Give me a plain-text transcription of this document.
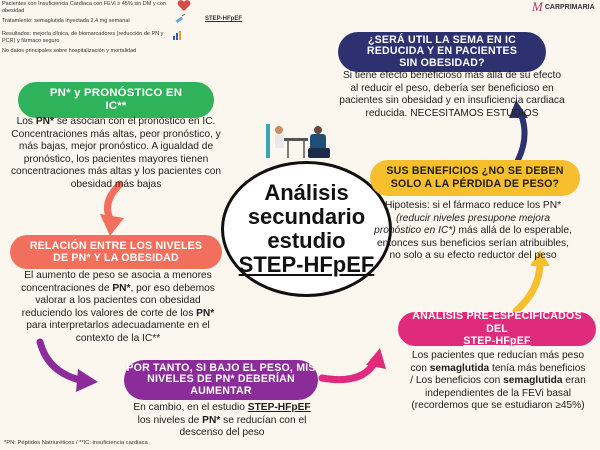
Pacientes con Insuficiencia Cardiaca con FEVi ≥ 45% sin DM y con obesidad
Tratamiento: semaglutida inyectada 2.4 mg semanal
Resultados: mejoría clínica, de biomarcadores (reducción de PN y PCR) y fármaco seguro
No datos principales sobre hospitalización y mortalidad
STEP-HFpEF
M CARPRIMARIA
Análisis
secundario
estudio
STEP-HFpEF
PN* y PRONÓSTICO EN
IC**
Los PN* se asocian con el pronóstico en IC.
Concentraciones más altas, peor pronóstico, y
más bajas, mejor pronóstico. A igualdad de
pronóstico, los pacientes mayores tienen
concentraciones más altas y los pacientes con
obesidad más bajas
RELACIÓN ENTRE LOS NIVELES
DE PN* Y LA OBESIDAD
El aumento de peso se asocia a menores
concentraciones de PN*, por eso debemos
valorar a los pacientes con obesidad
reduciendo los valores de corte de los PN*
para interpretarlos adecuadamente en el
contexto de la IC**
POR TANTO, SI BAJO EL PESO, MIS
NIVELES DE PN* DEBERÍAN
AUMENTAR
En cambio, en el estudio STEP-HFpEF
los niveles de PN* se reducían con el
descenso del peso
¿SERÁ UTIL LA SEMA EN IC
REDUCIDA Y EN PACIENTES
SIN OBESIDAD?
Si tiene efecto beneficioso más allá de su efecto
al reducir el peso, debería ser beneficioso en
pacientes sin obesidad y en insuficiencia cardiaca
reducida. NECESITAMOS ESTUDIOS
SUS BENEFICIOS ¿NO SE DEBEN
SOLO A LA PÉRDIDA DE PESO?
Hipotesis: si el fármaco reduce los PN*
(reducir niveles presupone mejora
pronóstico en IC*) más allá de lo esperable,
entonces sus beneficios serían atribuibles,
no solo a su efecto reductor del peso
ANÁLISIS PRE-ESPECIFICADOS
DEL
STEP-HFpEF
Los pacientes que reducían más peso
con semaglutida tenía más beneficios
/ Los beneficios con semaglutida eran
independientes de la FEVi basal
(recordemos que se estudiaron ≥45%)
*PN: Péptidos Natriuréticos / **IC: insuficiencia cardiaca
